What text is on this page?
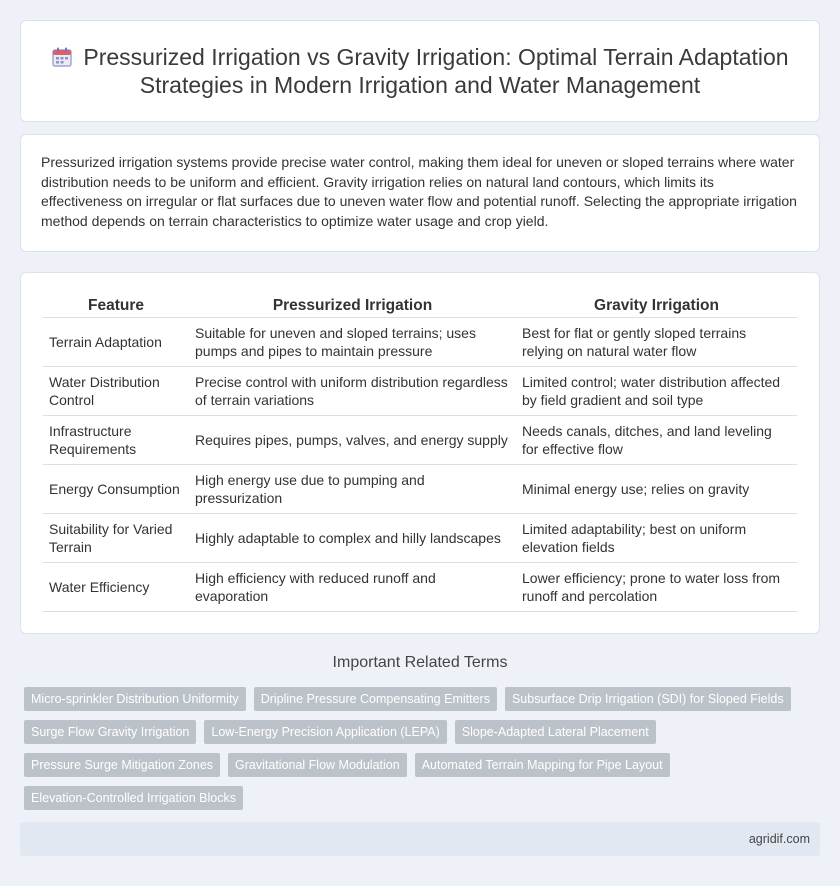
Pressurized Irrigation vs Gravity Irrigation: Optimal Terrain Adaptation Strategies in Modern Irrigation and Water Management

Pressurized irrigation systems provide precise water control, making them ideal for uneven or sloped terrains where water distribution needs to be uniform and efficient. Gravity irrigation relies on natural land contours, which limits its effectiveness on irregular or flat surfaces due to uneven water flow and potential runoff. Selecting the appropriate irrigation method depends on terrain characteristics to optimize water usage and crop yield.

Feature	Pressurized Irrigation	Gravity Irrigation
Terrain Adaptation	Suitable for uneven and sloped terrains; uses pumps and pipes to maintain pressure	Best for flat or gently sloped terrains relying on natural water flow
Water Distribution Control	Precise control with uniform distribution regardless of terrain variations	Limited control; water distribution affected by field gradient and soil type
Infrastructure Requirements	Requires pipes, pumps, valves, and energy supply	Needs canals, ditches, and land leveling for effective flow
Energy Consumption	High energy use due to pumping and pressurization	Minimal energy use; relies on gravity
Suitability for Varied Terrain	Highly adaptable to complex and hilly landscapes	Limited adaptability; best on uniform elevation fields
Water Efficiency	High efficiency with reduced runoff and evaporation	Lower efficiency; prone to water loss from runoff and percolation
Important Related Terms
Micro-sprinkler Distribution Uniformity	Dripline Pressure Compensating Emitters	Subsurface Drip Irrigation (SDI) for Sloped Fields
Surge Flow Gravity Irrigation	Low-Energy Precision Application (LEPA)	Slope-Adapted Lateral Placement
Pressure Surge Mitigation Zones	Gravitational Flow Modulation	Automated Terrain Mapping for Pipe Layout
Elevation-Controlled Irrigation Blocks
agridif.com
